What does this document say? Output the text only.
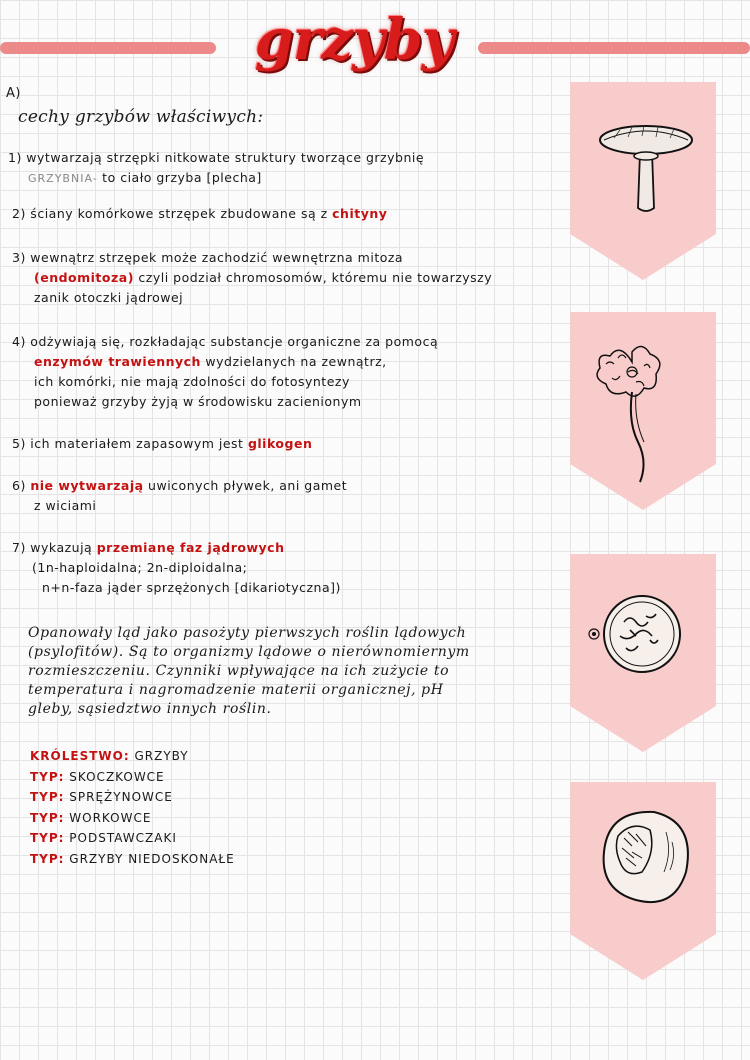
grzyby
A)
cechy grzybów właściwych:
1) wytwarzają strzępki nitkowate struktury tworzące grzybnię
GRZYBNIA- to ciało grzyba [plecha]
2) ściany komórkowe strzępek zbudowane są z chityny
3) wewnątrz strzępek może zachodzić wewnętrzna mitoza
(endomitoza) czyli podział chromosomów, któremu nie towarzyszy
zanik otoczki jądrowej
4) odżywiają się, rozkładając substancje organiczne za pomocą
enzymów trawiennych wydzielanych na zewnątrz,
ich komórki, nie mają zdolności do fotosyntezy
ponieważ grzyby żyją w środowisku zacienionym
5) ich materiałem zapasowym jest glikogen
6) nie wytwarzają uwiconych pływek, ani gamet
z wiciami
7) wykazują przemianę faz jądrowych
(1n-haploidalna; 2n-diploidalna;
n+n-faza jąder sprzężonych [dikariotyczna])
Opanowały ląd jako pasożyty pierwszych roślin lądowych
(psylofitów). Są to organizmy lądowe o nierównomiernym
rozmieszczeniu. Czynniki wpływające na ich zużycie to
temperatura i nagromadzenie materii organicznej, pH
gleby, sąsiedztwo innych roślin.
KRÓLESTWO: GRZYBY
TYP: SKOCZKOWCE
TYP: SPRĘŻYNOWCE
TYP: WORKOWCE
TYP: PODSTAWCZAKI
TYP: GRZYBY NIEDOSKONAŁE
